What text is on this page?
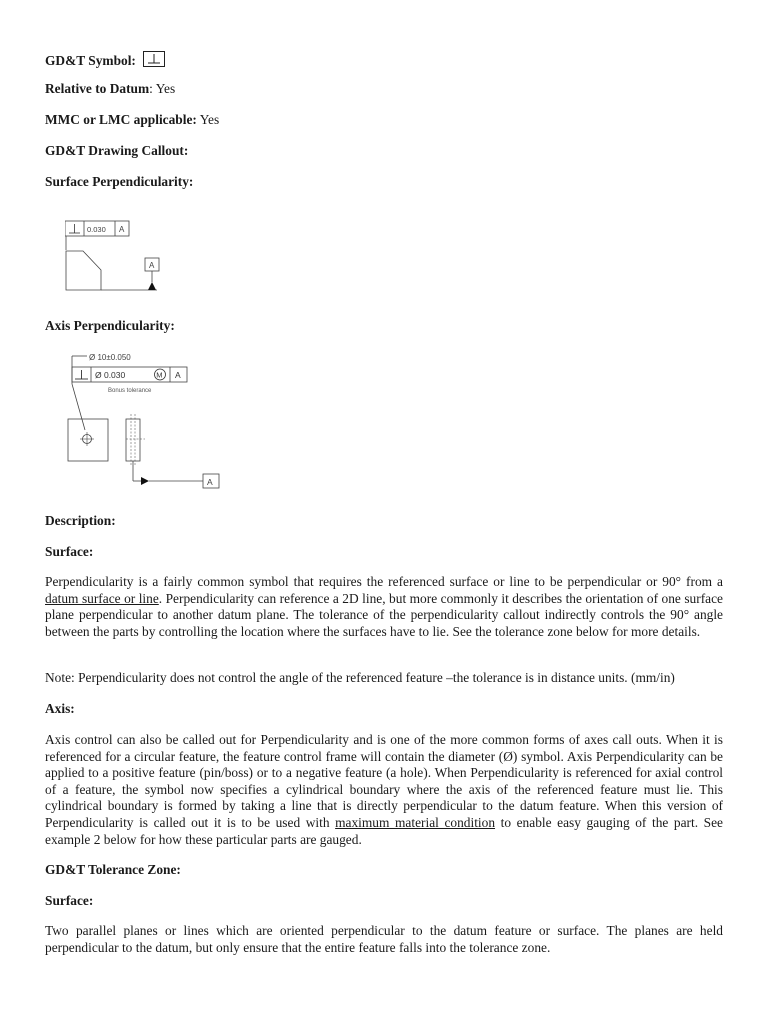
GD&T Symbol:
Relative to Datum: Yes
MMC or LMC applicable: Yes
GD&T Drawing Callout:
Surface Perpendicularity:
0.030 A
A
Axis Perpendicularity:
Ø 10±0.050
Ø 0.030	M A
Bonus tolerance
A
Description:
Surface:
Perpendicularity is a fairly common symbol that requires the referenced surface or line to be perpendicular or 90° from a datum surface or line. Perpendicularity can reference a 2D line, but more commonly it describes the orientation of one surface plane perpendicular to another datum plane. The tolerance of the perpendicularity callout indirectly controls the 90° angle between the parts by controlling the location where the surfaces have to lie. See the tolerance zone below for more details.
Note: Perpendicularity does not control the angle of the referenced feature –the tolerance is in distance units. (mm/in)
Axis:
Axis control can also be called out for Perpendicularity and is one of the more common forms of axes call outs. When it is referenced for a circular feature, the feature control frame will contain the diameter (Ø) symbol. Axis Perpendicularity can be applied to a positive feature (pin/boss) or to a negative feature (a hole). When Perpendicularity is referenced for axial control of a feature, the symbol now specifies a cylindrical boundary where the axis of the referenced feature must lie. This cylindrical boundary is formed by taking a line that is directly perpendicular to the datum feature. When this version of Perpendicularity is called out it is to be used with maximum material condition to enable easy gauging of the part. See example 2 below for how these particular parts are gauged.
GD&T Tolerance Zone:
Surface:
Two parallel planes or lines which are oriented perpendicular to the datum feature or surface. The planes are held perpendicular to the datum, but only ensure that the entire feature falls into the tolerance zone.
